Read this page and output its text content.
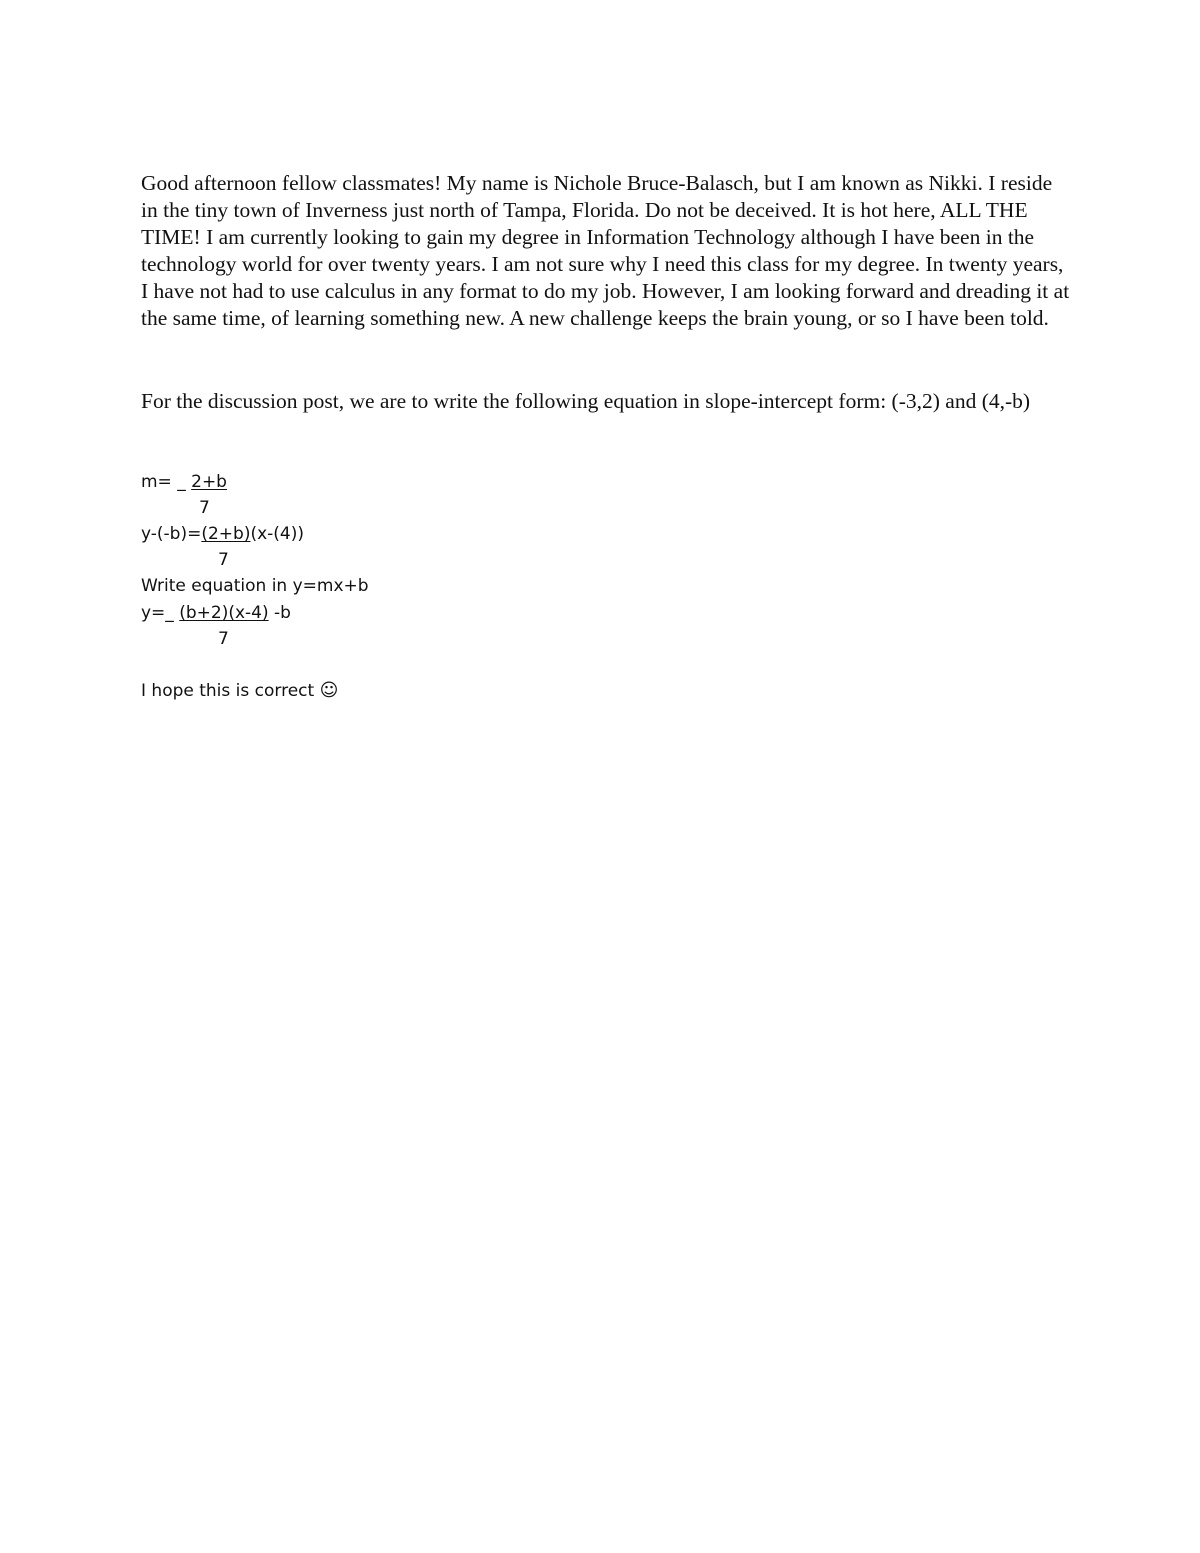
Good afternoon fellow classmates! My name is Nichole Bruce-Balasch, but I am known as Nikki. I reside in the tiny town of Inverness just north of Tampa, Florida. Do not be deceived. It is hot here, ALL THE TIME! I am currently looking to gain my degree in Information Technology although I have been in the technology world for over twenty years. I am not sure why I need this class for my degree. In twenty years, I have not had to use calculus in any format to do my job. However, I am looking forward and dreading it at the same time, of learning something new. A new challenge keeps the brain young, or so I have been told.

For the discussion post, we are to write the following equation in slope-intercept form: (-3,2) and (4,-b)

m= _ 2+b
7
y-(-b)=(2+b)(x-(4))
7
Write equation in y=mx+b
y=_ (b+2)(x-4) -b
7
I hope this is correct ☺
